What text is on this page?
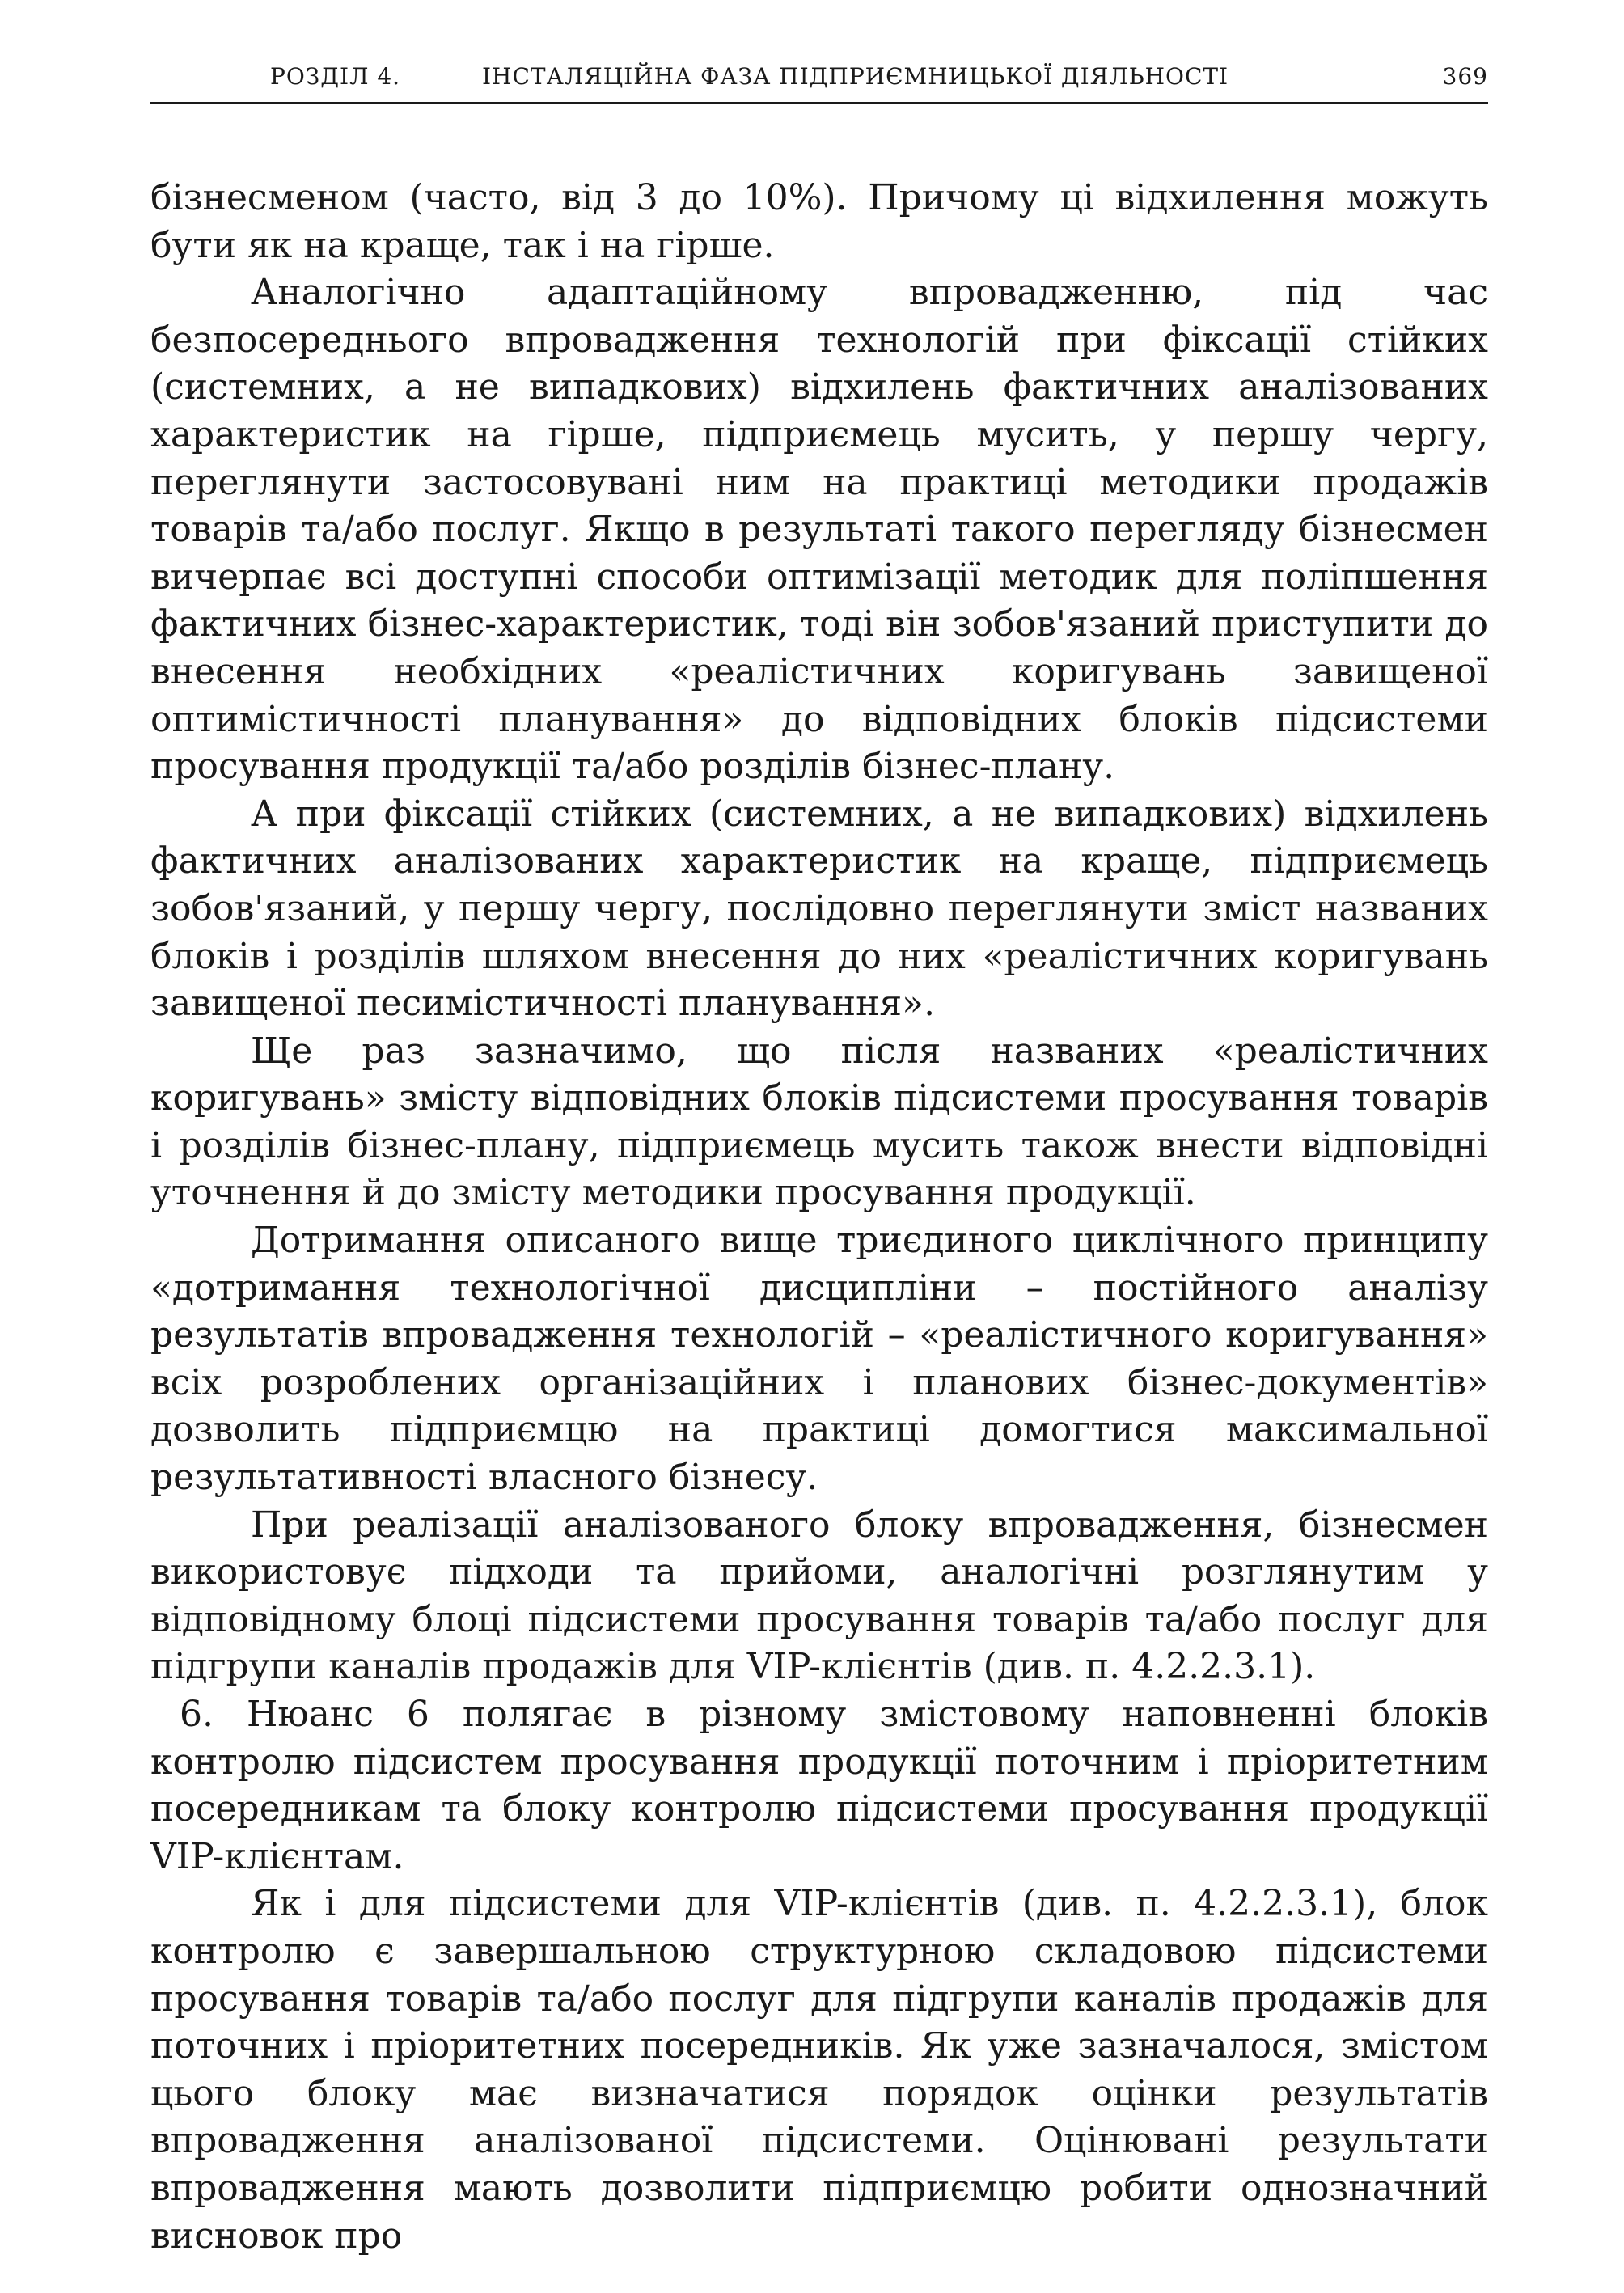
РОЗДІЛ 4.	ІНСТАЛЯЦІЙНА ФАЗА ПІДПРИЄМНИЦЬКОЇ ДІЯЛЬНОСТІ	369

бізнесменом (часто, від 3 до 10%). Причому ці відхилення можуть бути як на краще, так і на гірше.

Аналогічно адаптаційному впровадженню, під час безпосереднього впровадження технологій при фіксації стійких (системних, а не випадкових) відхилень фактичних аналізованих характеристик на гірше, підприємець мусить, у першу чергу, переглянути застосовувані ним на практиці методики продажів товарів та/або послуг. Якщо в результаті такого перегляду бізнесмен вичерпає всі доступні способи оптимізації методик для поліпшення фактичних бізнес-характеристик, тоді він зобов'язаний приступити до внесення необхідних «реалістичних коригувань завищеної оптимістичності планування» до відповідних блоків підсистеми просування продукції та/або розділів бізнес-плану.

А при фіксації стійких (системних, а не випадкових) відхилень фактичних аналізованих характеристик на краще, підприємець зобов'язаний, у першу чергу, послідовно переглянути зміст названих блоків і розділів шляхом внесення до них «реалістичних коригувань завищеної песимістичності планування».

Ще раз зазначимо, що після названих «реалістичних коригувань» змісту відповідних блоків підсистеми просування товарів і розділів бізнес-плану, підприємець мусить також внести відповідні уточнення й до змісту методики просування продукції.

Дотримання описаного вище триєдиного циклічного принципу «дотримання технологічної дисципліни – постійного аналізу результатів впровадження технологій – «реалістичного коригування» всіх розроблених організаційних і планових бізнес-документів» дозволить підприємцю на практиці домогтися максимальної результативності власного бізнесу.

При реалізації аналізованого блоку впровадження, бізнесмен використовує підходи та прийоми, аналогічні розглянутим у відповідному блоці підсистеми просування товарів та/або послуг для підгрупи каналів продажів для VIP-клієнтів (див. п. 4.2.2.3.1).

6. Нюанс 6 полягає в різному змістовому наповненні блоків контролю підсистем просування продукції поточним і пріоритетним посередникам та блоку контролю підсистеми просування продукції VIP-клієнтам.

Як і для підсистеми для VIP-клієнтів (див. п. 4.2.2.3.1), блок контролю є завершальною структурною складовою підсистеми просування товарів та/або послуг для підгрупи каналів продажів для поточних і пріоритетних посередників. Як уже зазначалося, змістом цього блоку має визначатися порядок оцінки результатів впровадження аналізованої підсистеми. Оцінювані результати впровадження мають дозволити підприємцю робити однозначний висновок про
